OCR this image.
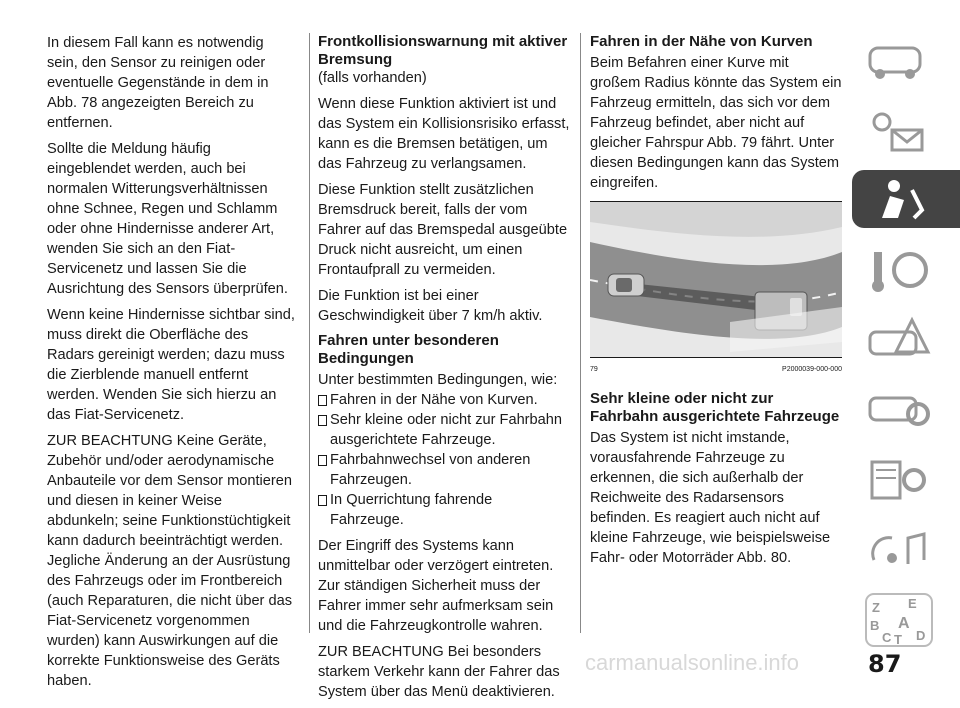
In diesem Fall kann es notwendig sein, den Sensor zu reinigen oder eventuelle Gegenstände in dem in Abb. 78 angezeigten Bereich zu entfernen.

Sollte die Meldung häufig eingeblendet werden, auch bei normalen Witterungsverhältnissen ohne Schnee, Regen und Schlamm oder ohne Hindernisse anderer Art, wenden Sie sich an den Fiat-Servicenetz und lassen Sie die Ausrichtung des Sensors überprüfen.

Wenn keine Hindernisse sichtbar sind, muss direkt die Oberfläche des Radars gereinigt werden; dazu muss die Zierblende manuell entfernt werden. Wenden Sie sich hierzu an das Fiat-Servicenetz.

ZUR BEACHTUNG Keine Geräte, Zubehör und/oder aerodynamische Anbauteile vor dem Sensor montieren und diesen in keiner Weise abdunkeln; seine Funktionstüchtigkeit kann dadurch beeinträchtigt werden. Jegliche Änderung an der Ausrüstung des Fahrzeugs oder im Frontbereich (auch Reparaturen, die nicht über das Fiat-Servicenetz vorgenommen wurden) kann Auswirkungen auf die korrekte Funktionsweise des Geräts haben.

Frontkollisionswarnung mit aktiver Bremsung
(falls vorhanden)

Wenn diese Funktion aktiviert ist und das System ein Kollisionsrisiko erfasst, kann es die Bremsen betätigen, um das Fahrzeug zu verlangsamen.

Diese Funktion stellt zusätzlichen Bremsdruck bereit, falls der vom Fahrer auf das Bremspedal ausgeübte Druck nicht ausreicht, um einen Frontaufprall zu vermeiden.

Die Funktion ist bei einer Geschwindigkeit über 7 km/h aktiv.

Fahren unter besonderen Bedingungen

Unter bestimmten Bedingungen, wie:

Fahren in der Nähe von Kurven.
Sehr kleine oder nicht zur Fahrbahn ausgerichtete Fahrzeuge.
Fahrbahnwechsel von anderen Fahrzeugen.
In Querrichtung fahrende Fahrzeuge.

Der Eingriff des Systems kann unmittelbar oder verzögert eintreten. Zur ständigen Sicherheit muss der Fahrer immer sehr aufmerksam sein und die Fahrzeugkontrolle wahren.

ZUR BEACHTUNG Bei besonders starkem Verkehr kann der Fahrer das System über das Menü deaktivieren.

Fahren in der Nähe von Kurven

Beim Befahren einer Kurve mit großem Radius könnte das System ein Fahrzeug ermitteln, das sich vor dem Fahrzeug befindet, aber nicht auf gleicher Fahrspur Abb. 79 fährt. Unter diesen Bedingungen kann das System eingreifen.

79	P2000039-000-000
Sehr kleine oder nicht zur Fahrbahn ausgerichtete Fahrzeuge

Das System ist nicht imstande, vorausfahrende Fahrzeuge zu erkennen, die sich außerhalb der Reichweite des Radarsensors befinden. Es reagiert auch nicht auf kleine Fahrzeuge, wie beispielsweise Fahr- oder Motorräder Abb. 80.

Z E
B A
C T D
carmanualsonline.info	87
